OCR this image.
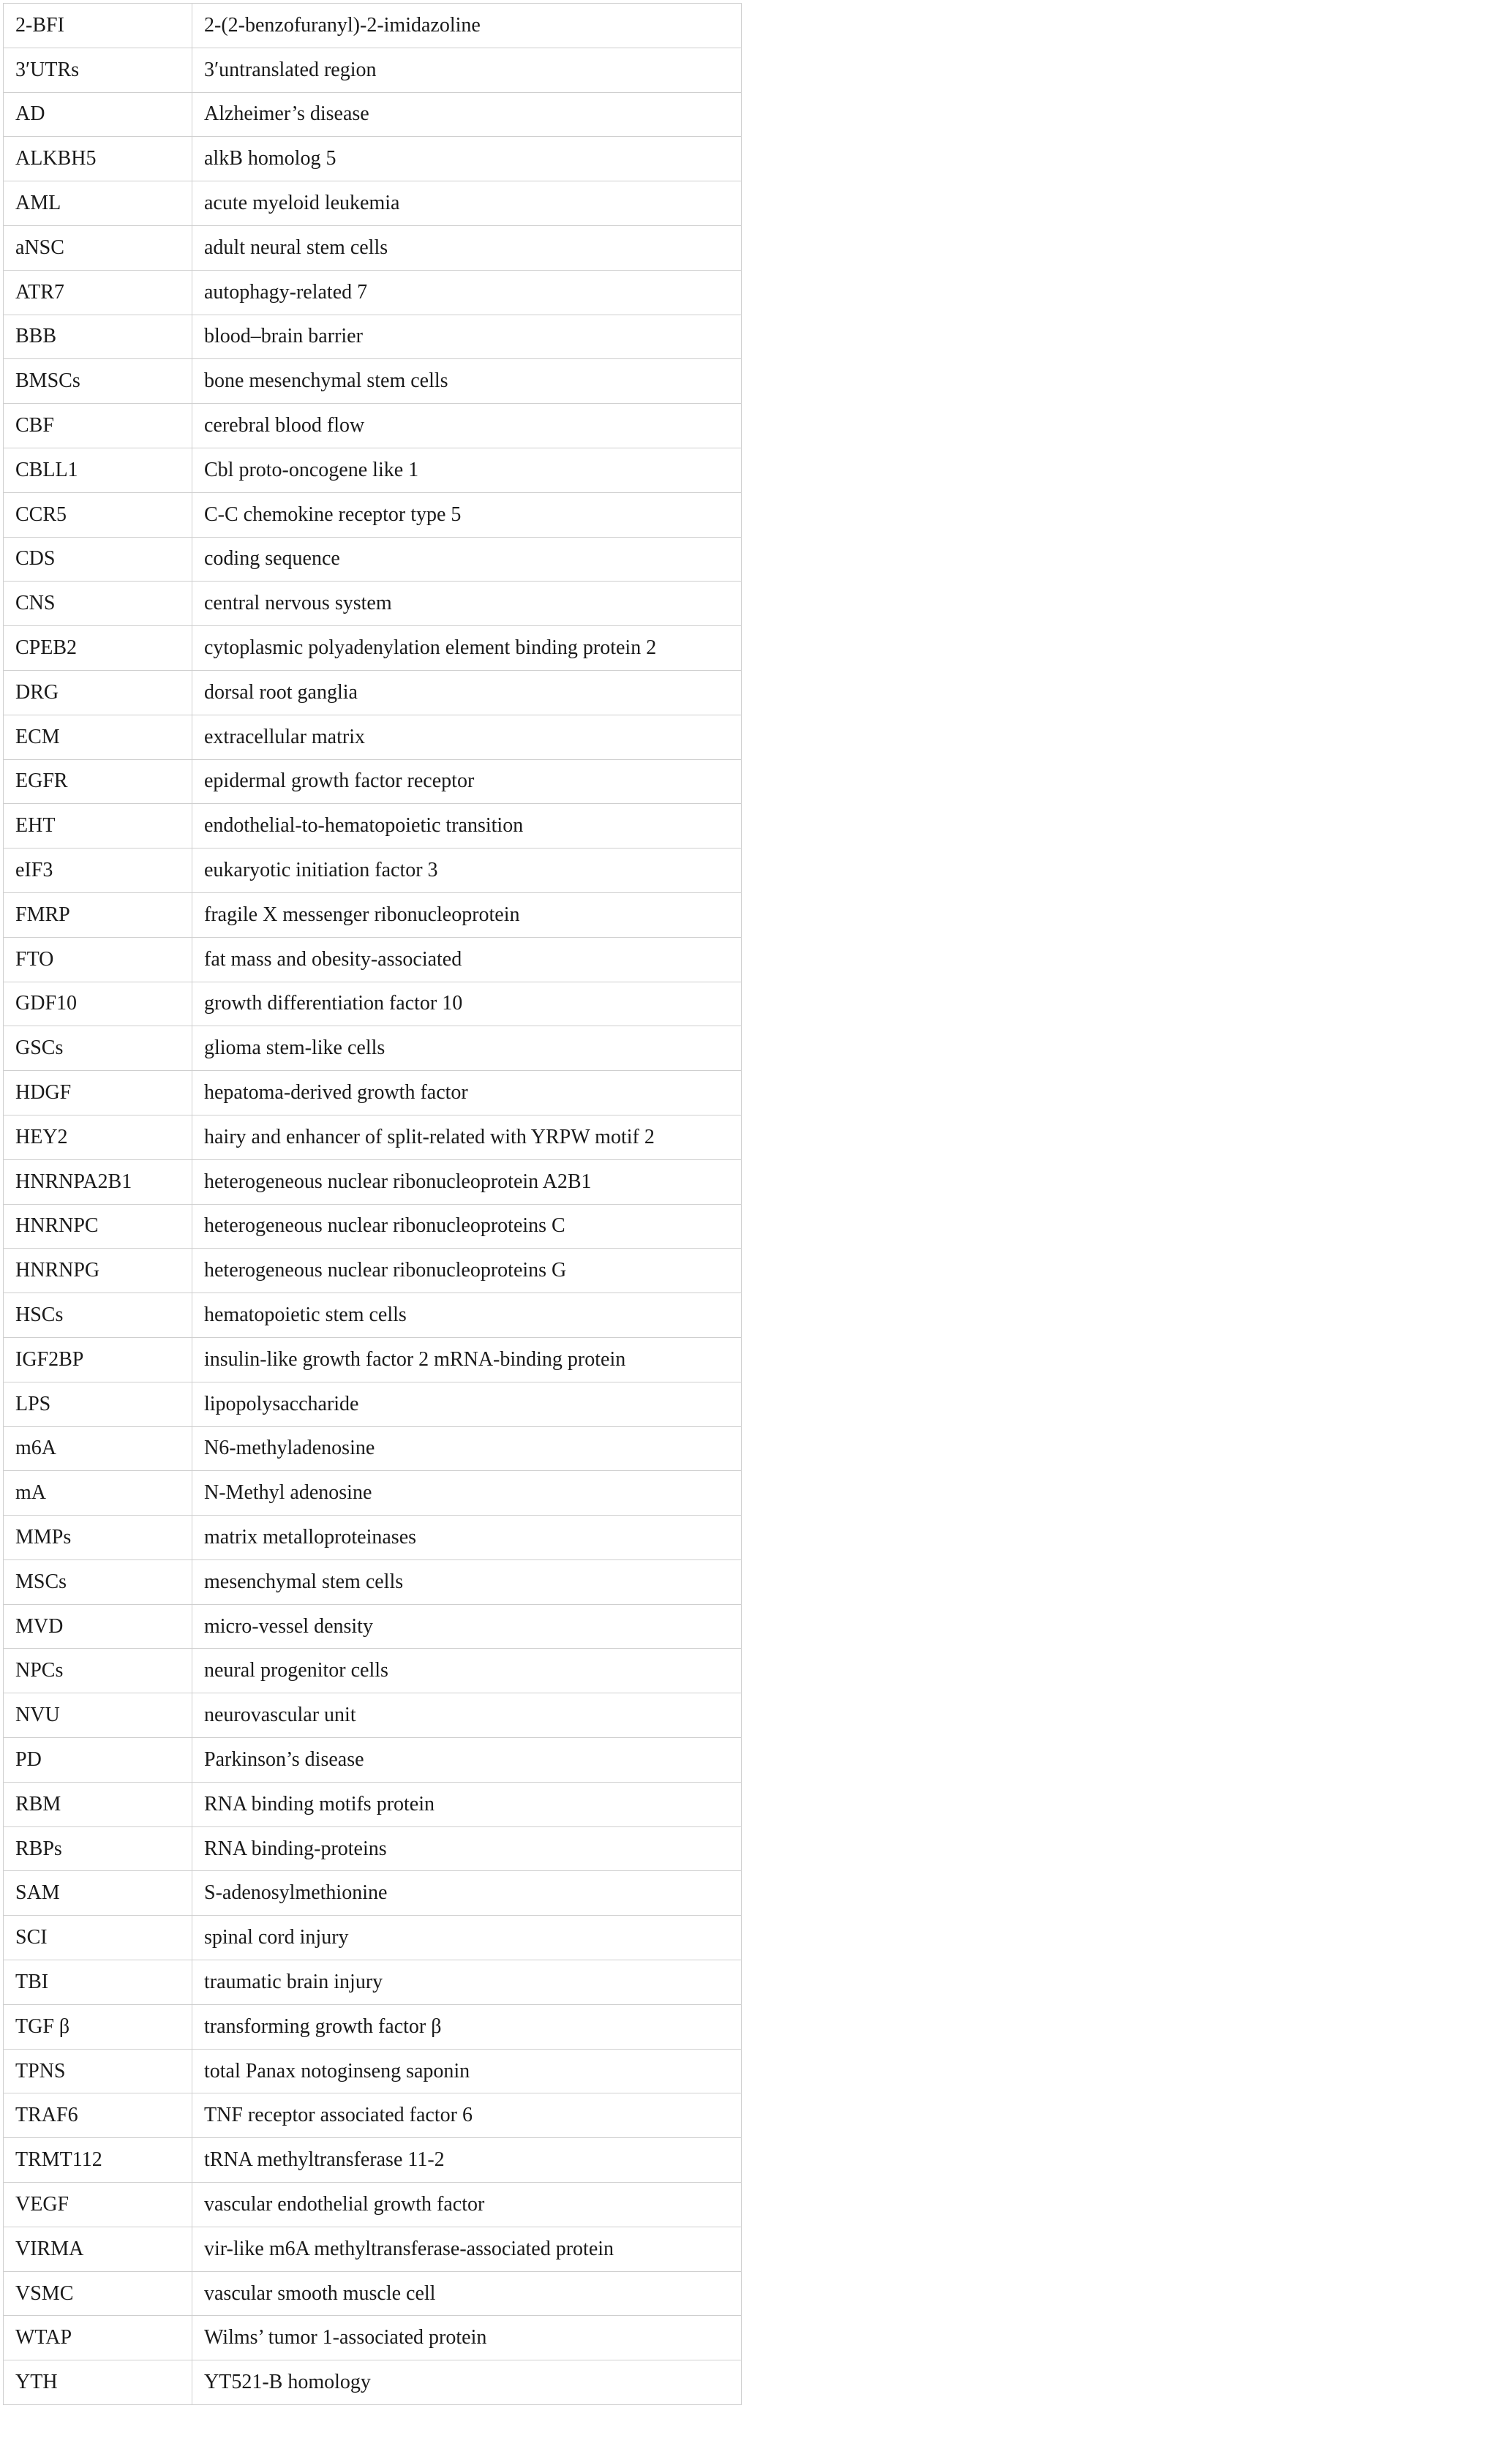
2-BFI	2-(2-benzofuranyl)-2-imidazoline
3′UTRs	3′untranslated region
AD	Alzheimer’s disease
ALKBH5	alkB homolog 5
AML	acute myeloid leukemia
aNSC	adult neural stem cells
ATR7	autophagy-related 7
BBB	blood–brain barrier
BMSCs	bone mesenchymal stem cells
CBF	cerebral blood flow
CBLL1	Cbl proto-oncogene like 1
CCR5	C-C chemokine receptor type 5
CDS	coding sequence
CNS	central nervous system
CPEB2	cytoplasmic polyadenylation element binding protein 2
DRG	dorsal root ganglia
ECM	extracellular matrix
EGFR	epidermal growth factor receptor
EHT	endothelial-to-hematopoietic transition
eIF3	eukaryotic initiation factor 3
FMRP	fragile X messenger ribonucleoprotein
FTO	fat mass and obesity-associated
GDF10	growth differentiation factor 10
GSCs	glioma stem-like cells
HDGF	hepatoma-derived growth factor
HEY2	hairy and enhancer of split-related with YRPW motif 2
HNRNPA2B1	heterogeneous nuclear ribonucleoprotein A2B1
HNRNPC	heterogeneous nuclear ribonucleoproteins C
HNRNPG	heterogeneous nuclear ribonucleoproteins G
HSCs	hematopoietic stem cells
IGF2BP	insulin-like growth factor 2 mRNA-binding protein
LPS	lipopolysaccharide
m6A	N6-methyladenosine
mA	N-Methyl adenosine
MMPs	matrix metalloproteinases
MSCs	mesenchymal stem cells
MVD	micro-vessel density
NPCs	neural progenitor cells
NVU	neurovascular unit
PD	Parkinson’s disease
RBM	RNA binding motifs protein
RBPs	RNA binding-proteins
SAM	S-adenosylmethionine
SCI	spinal cord injury
TBI	traumatic brain injury
TGF β	transforming growth factor β
TPNS	total Panax notoginseng saponin
TRAF6	TNF receptor associated factor 6
TRMT112	tRNA methyltransferase 11-2
VEGF	vascular endothelial growth factor
VIRMA	vir-like m6A methyltransferase-associated protein
VSMC	vascular smooth muscle cell
WTAP	Wilms’ tumor 1-associated protein
YTH	YT521-B homology
